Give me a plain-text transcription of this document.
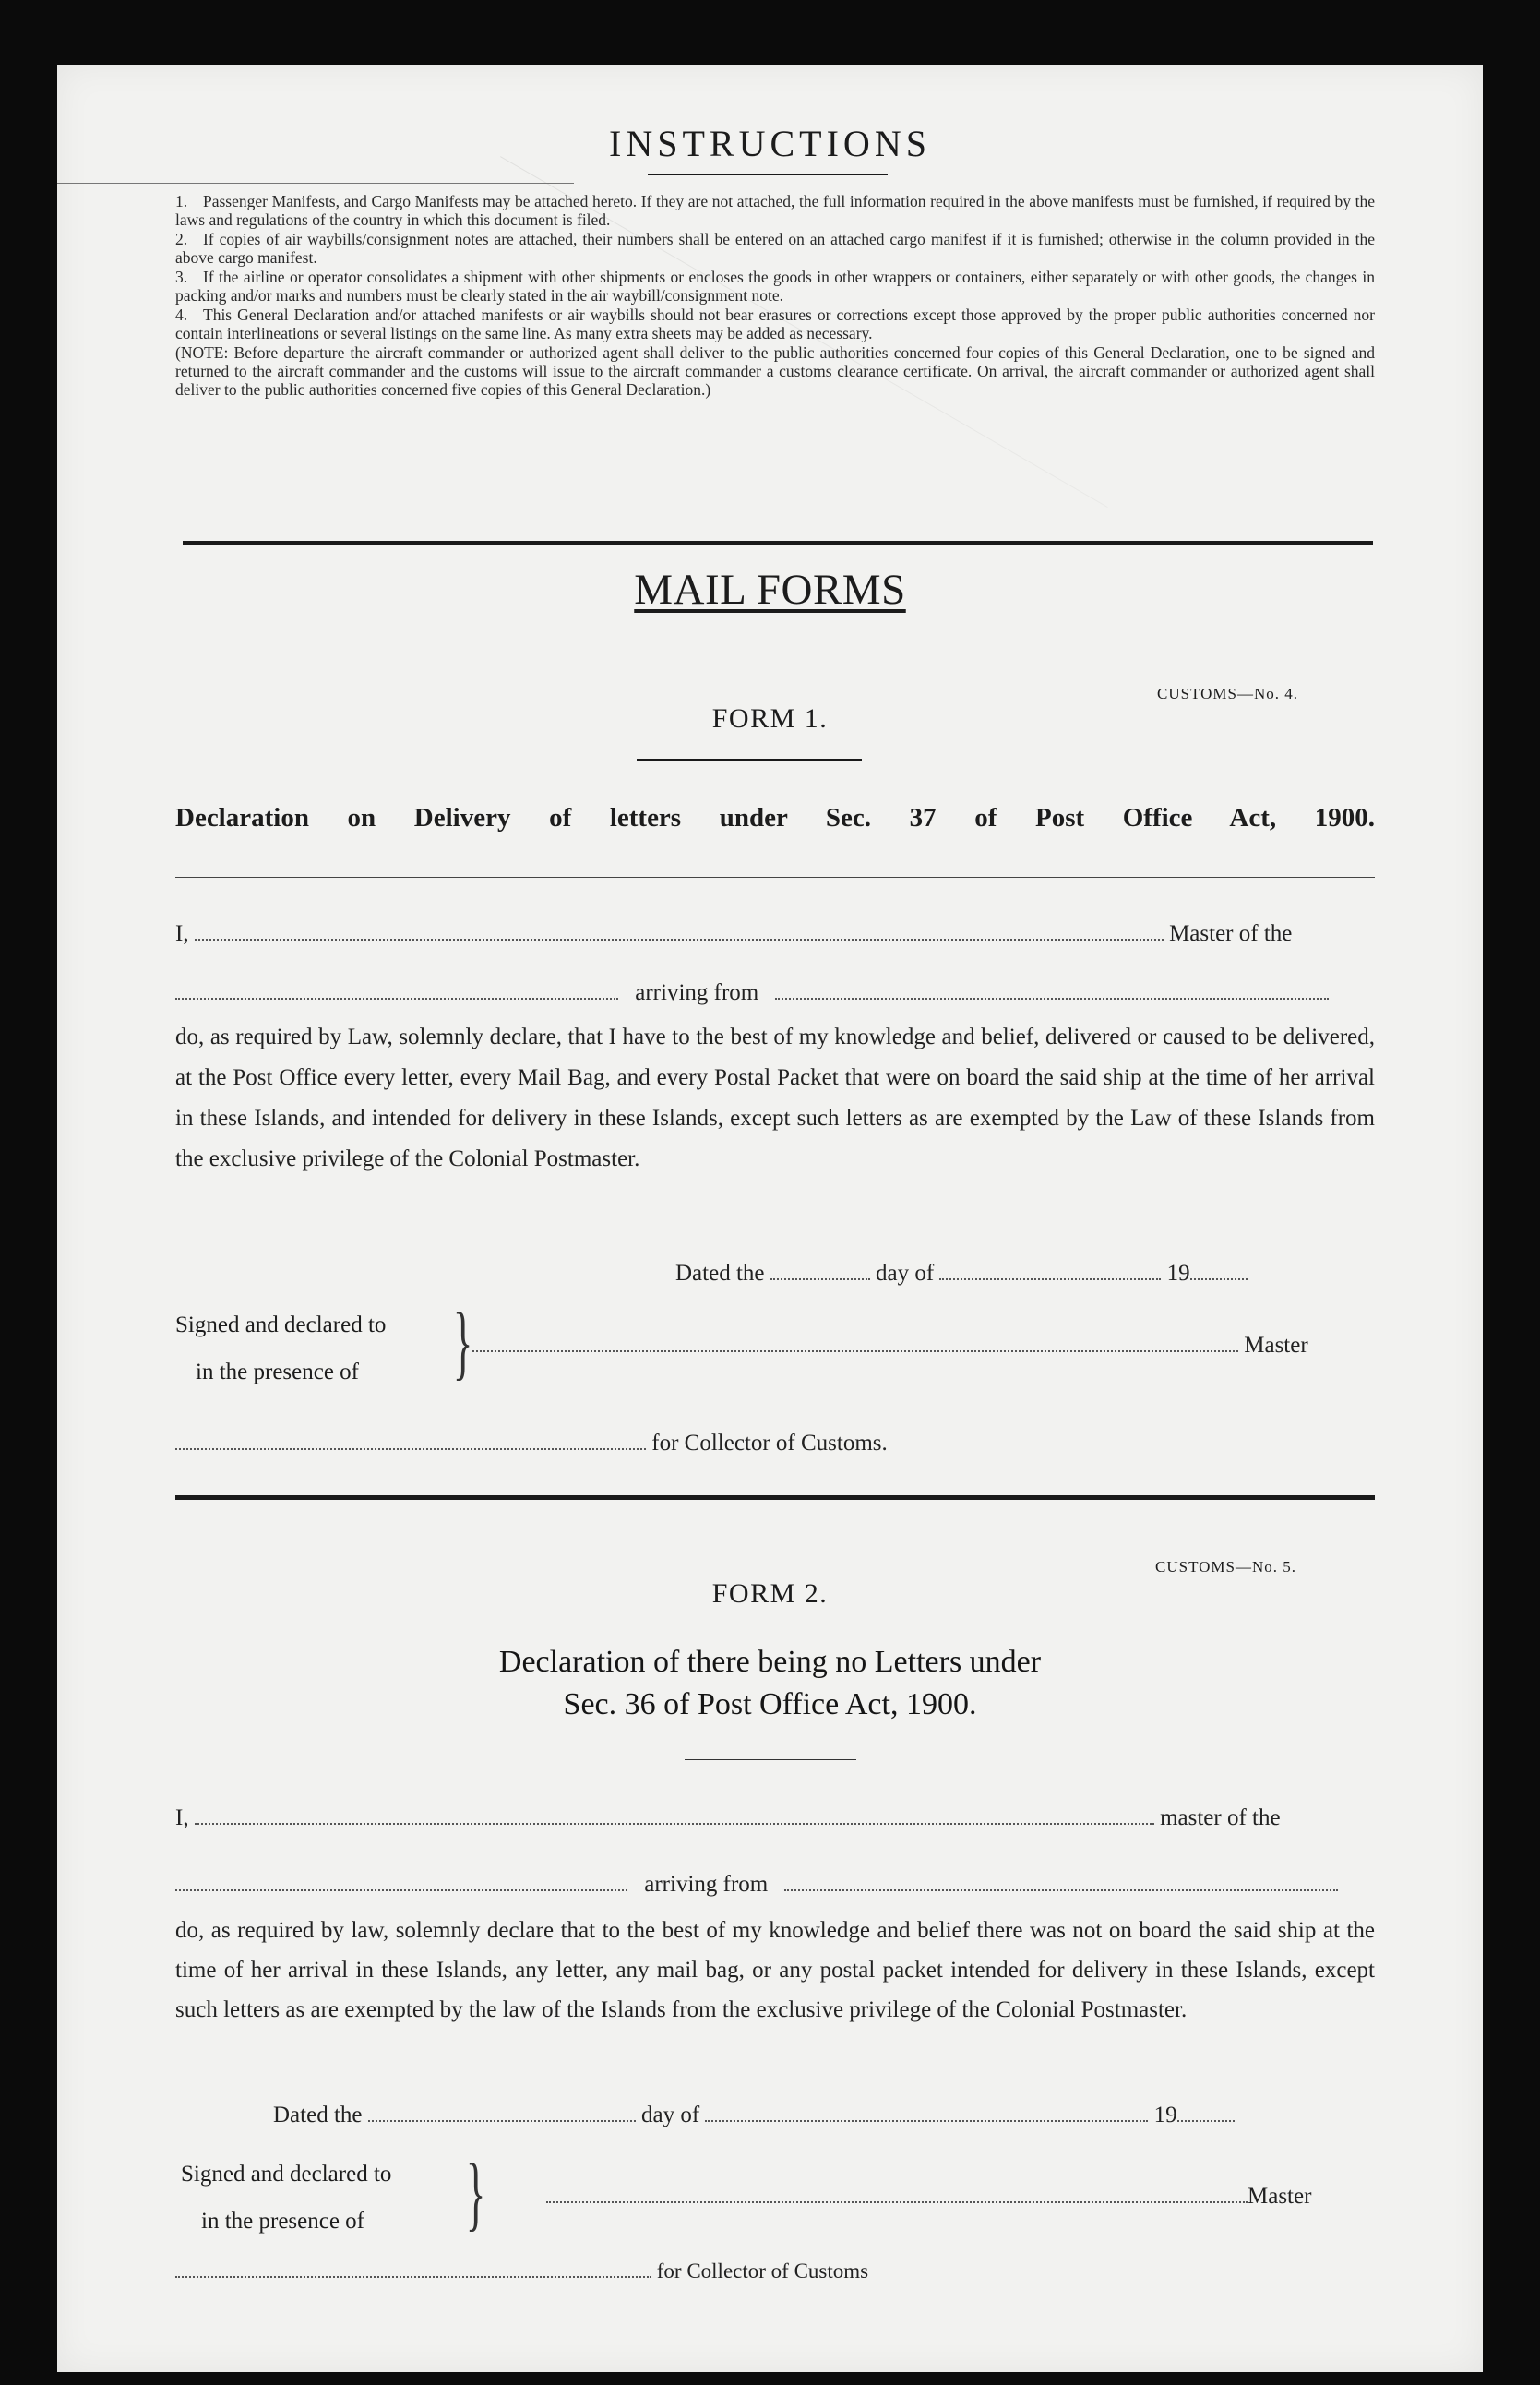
INSTRUCTIONS

1. Passenger Manifests, and Cargo Manifests may be attached hereto. If they are not attached, the full information required in the above manifests must be furnished, if required by the laws and regulations of the country in which this document is filed.

2. If copies of air waybills/consignment notes are attached, their numbers shall be entered on an attached cargo manifest if it is furnished; otherwise in the column provided in the above cargo manifest.

3. If the airline or operator consolidates a shipment with other shipments or encloses the goods in other wrappers or containers, either separately or with other goods, the changes in packing and/or marks and numbers must be clearly stated in the air waybill/consignment note.

4. This General Declaration and/or attached manifests or air waybills should not bear erasures or corrections except those approved by the proper public authorities concerned nor contain interlineations or several listings on the same line. As many extra sheets may be added as necessary.

(NOTE: Before departure the aircraft commander or authorized agent shall deliver to the public authorities concerned four copies of this General Declaration, one to be signed and returned to the aircraft commander and the customs will issue to the aircraft commander a customs clearance certificate. On arrival, the aircraft commander or authorized agent shall deliver to the public authorities concerned five copies of this General Declaration.)

MAIL FORMS
CUSTOMS—No. 4.
FORM 1.
Declaration on Delivery of letters under Sec. 37 of Post Office Act, 1900.
I,	Master of the
arriving from
do, as required by Law, solemnly declare, that I have to the best of my knowledge and belief, delivered or caused to be delivered, at the Post Office every letter, every Mail Bag, and every Postal Packet that were on board the said ship at the time of her arrival in these Islands, and intended for delivery in these Islands, except such letters as are exempted by the Law of these Islands from the exclusive privilege of the Colonial Postmaster.
Dated the	day of	19
Signed and declared to
in the presence of	}	Master
for Collector of Customs.
CUSTOMS—No. 5.
FORM 2.
Declaration of there being no Letters under
Sec. 36 of Post Office Act, 1900.
I,	master of the
arriving from
do, as required by law, solemnly declare that to the best of my knowledge and belief there was not on board the said ship at the time of her arrival in these Islands, any letter, any mail bag, or any postal packet intended for delivery in these Islands, except such letters as are exempted by the law of the Islands from the exclusive privilege of the Colonial Postmaster.
Dated the	day of	19
Signed and declared to
in the presence of	}	Master
for Collector of Customs
